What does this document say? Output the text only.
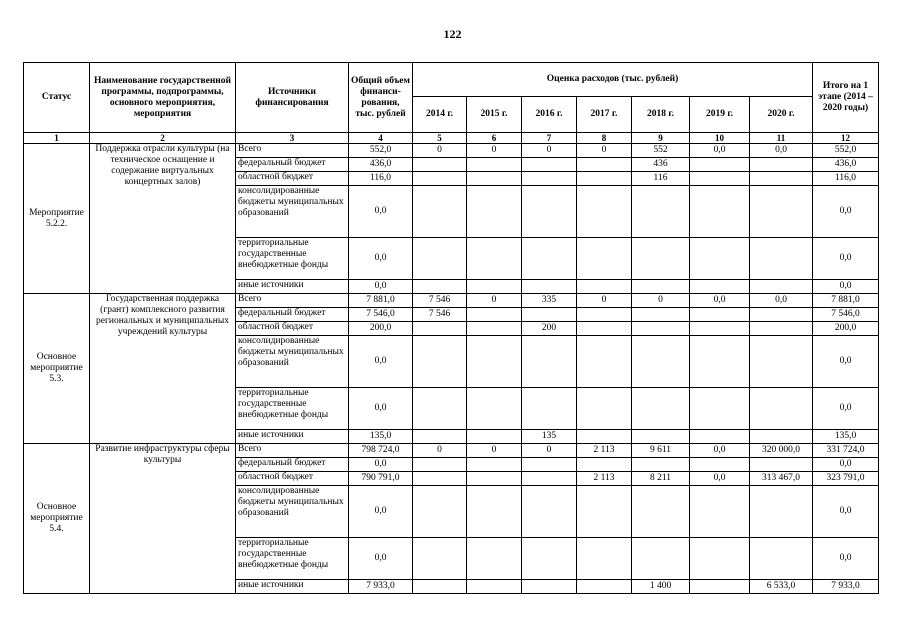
122
Статус	Наименование государственной программы, подпрограммы, основного мероприятия, мероприятия	Источники финансирования	Общий объем финанси-рования, тыс. рублей	Оценка расходов (тыс. рублей)							Итого на 1 этапе (2014 – 2020 годы)
				2014 г.	2015 г.	2016 г.	2017 г.	2018 г.	2019 г.	2020 г.	
1	2	3	4	5	6	7	8	9	10	11	12
Мероприятие 5.2.2.	Поддержка отрасли культуры (на техническое оснащение и содержание виртуальных концертных залов)	Всего	552,0	0	0	0	0	552	0,0	0,0	552,0
		федеральный бюджет	436,0					436			436,0
		областной бюджет	116,0					116			116,0
		консолидированные бюджеты муниципальных образований	0,0								0,0
		территориальные государственные внебюджетные фонды	0,0								0,0
		иные источники	0,0								0,0
Основное мероприятие 5.3.	Государственная поддержка (грант) комплексного развития региональных и муниципальных учреждений культуры	Всего	7 881,0	7 546	0	335	0	0	0,0	0,0	7 881,0
		федеральный бюджет	7 546,0	7 546							7 546,0
		областной бюджет	200,0			200					200,0
		консолидированные бюджеты муниципальных образований	0,0								0,0
		территориальные государственные внебюджетные фонды	0,0								0,0
		иные источники	135,0			135					135,0
Основное мероприятие 5.4.	Развитие инфраструктуры сферы культуры	Всего	798 724,0	0	0	0	2 113	9 611	0,0	320 000,0	331 724,0
		федеральный бюджет	0,0								0,0
		областной бюджет	790 791,0				2 113	8 211	0,0	313 467,0	323 791,0
		консолидированные бюджеты муниципальных образований	0,0								0,0
		территориальные государственные внебюджетные фонды	0,0								0,0
		иные источники	7 933,0					1 400		6 533,0	7 933,0
